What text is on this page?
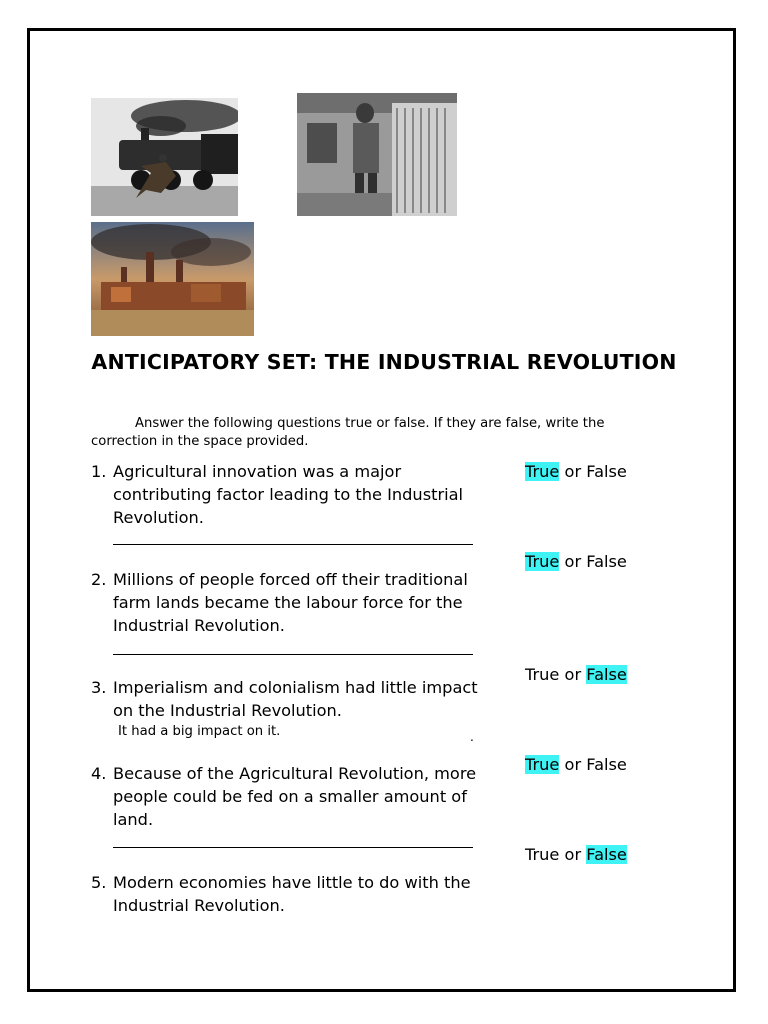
ANTICIPATORY SET: THE INDUSTRIAL REVOLUTION
Answer the following questions true or false. If they are false, write the correction in the space provided.
1. Agricultural innovation was a major contributing factor leading to the Industrial Revolution.
True or False
True or False
2. Millions of people forced off their traditional farm lands became the labour force for the Industrial Revolution.
True or False
3. Imperialism and colonialism had little impact on the Industrial Revolution.
It had a big impact on it.	.
True or False
4. Because of the Agricultural Revolution, more people could be fed on a smaller amount of land.
True or False
5. Modern economies have little to do with the Industrial Revolution.
